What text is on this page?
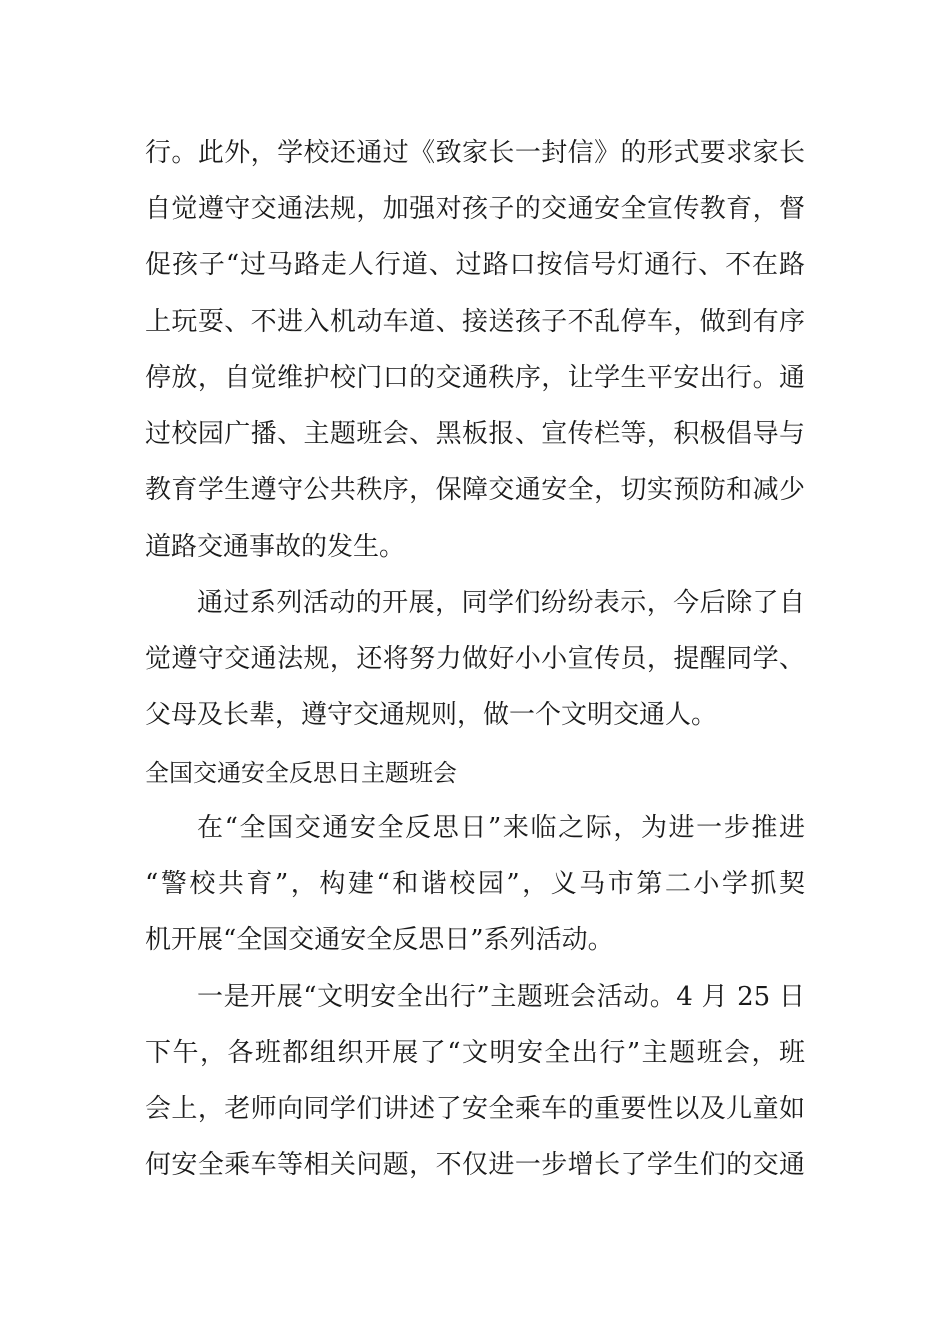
行。此外，学校还通过《致家长一封信》的形式要求家长
自觉遵守交通法规，加强对孩子的交通安全宣传教育，督
促孩子“过马路走人行道、过路口按信号灯通行、不在路
上玩耍、不进入机动车道、接送孩子不乱停车，做到有序
停放，自觉维护校门口的交通秩序，让学生平安出行。通
过校园广播、主题班会、黑板报、宣传栏等，积极倡导与
教育学生遵守公共秩序，保障交通安全，切实预防和减少
道路交通事故的发生。
通过系列活动的开展，同学们纷纷表示，今后除了自
觉遵守交通法规，还将努力做好小小宣传员，提醒同学、
父母及长辈，遵守交通规则，做一个文明交通人。
全国交通安全反思日主题班会
在“全国交通安全反思日”来临之际，为进一步推进
“警校共育”，构建“和谐校园”，义马市第二小学抓契
机开展“全国交通安全反思日”系列活动。
一是开展“文明安全出行”主题班会活动。4 月 25 日
下午，各班都组织开展了“文明安全出行”主题班会，班
会上，老师向同学们讲述了安全乘车的重要性以及儿童如
何安全乘车等相关问题，不仅进一步增长了学生们的交通
